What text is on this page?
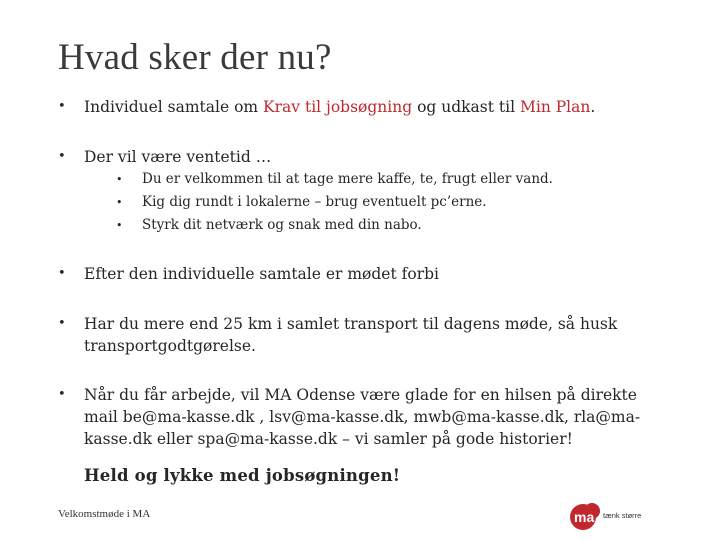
Hvad sker der nu?
•	Individuel samtale om Krav til jobsøgning og udkast til Min Plan.
•	Der vil være ventetid …
• Du er velkommen til at tage mere kaffe, te, frugt eller vand.
• Kig dig rundt i lokalerne – brug eventuelt pc’erne.
• Styrk dit netværk og snak med din nabo.
•	Efter den individuelle samtale er mødet forbi
•	Har du mere end 25 km i samlet transport til dagens møde, så husk transportgodtgørelse.
•	Når du får arbejde, vil MA Odense være glade for en hilsen på direkte mail be@ma-kasse.dk , lsv@ma-kasse.dk, mwb@ma-kasse.dk, rla@ma-kasse.dk eller spa@ma-kasse.dk – vi samler på gode historier!
Held og lykke med jobsøgningen!
Velkomstmøde i MA	ma tænk større
